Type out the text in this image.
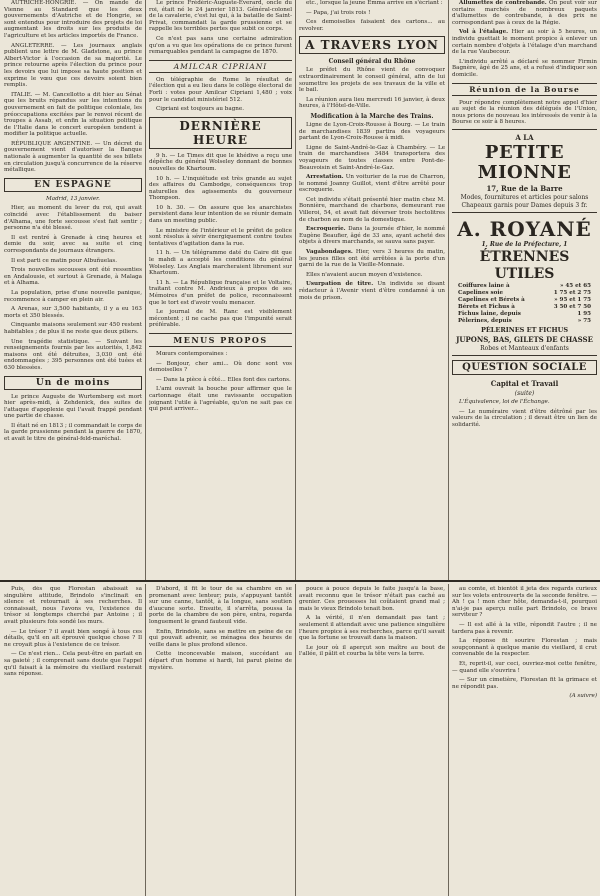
AUTRICHE-HONGRIE. — On mande de Vienne au Standard que les deux gouvernements d'Autriche et de Hongrie, se sont entendus pour introduire des projets de loi augmentant les droits sur les produits de l'agriculture et les articles importés de France.

ANGLETERRE. — Les journaux anglais publient une lettre de M. Gladstone, au prince Albert-Victor à l'occasion de sa majorité. Le prince retourne après l'élection du prince pour les devoirs que lui impose sa haute position et exprime le vœu que ces devoirs soient bien remplis.

ITALIE. — M. Cancellotto a dit hier au Sénat que les bruits répandus sur les intentions du gouvernement en fait de politique coloniale, les préoccupations excitées par le renvoi récent de troupes à Assab, et enfin la situation politique de l'Italie dans le concert européen tendent à modifier la politique actuelle.

RÉPUBLIQUE ARGENTINE. — Un décret du gouvernement vient d'autoriser la Banque nationale à augmenter la quantité de ses billets en circulation jusqu'à concurrence de la réserve métallique.

EN ESPAGNE

Madrid, 13 janvier.

Hier, au moment du lever du roi, qui avait coïncidé avec l'établissement du baiser d'Alhama, une forte secousse s'est fait sentir ; personne n'a été blessé.

Il est rentré à Grenade à cinq heures et demie du soir, avec sa suite et cinq correspondants de journaux étrangers.

Il est parti ce matin pour Albuñuelas.

Trois nouvelles secousses ont été ressenties en Andalousie, et surtout à Grenade, à Malaga et à Alhama.

La population, prise d'une nouvelle panique, recommence à camper en plein air.

A Arenas, sur 3,500 habitants, il y a eu 163 morts et 350 blessés.

Cinquante maisons seulement sur 450 restent habitables ; de plus il ne reste que deux piliers.

Une tragédie statistique. — Suivant les renseignements fournis par les autorités, 1,842 maisons ont été détruites, 3,030 ont été endommagées ; 395 personnes ont été tuées et 630 blessées.

Un de moins

Le prince Auguste de Wurtemberg est mort hier après-midi, à Zehdenick, des suites de l'attaque d'apoplexie qui l'avait frappé pendant une partie de chasse.

Il était né en 1813 ; il commandait le corps de la garde prussienne pendant la guerre de 1870, et avait le titre de général-feld-maréchal.

Le prince Frédéric-Auguste-Everard, oncle du roi, était né le 24 janvier 1813. Général-colonel de la cavalerie, c'est lui qui, à la bataille de Saint-Privat, commandait la garde prussienne et se rappelle les terribles pertes que subit ce corps.

Ce n'est pas sans une certaine admiration qu'on a vu que les opérations de ce prince furent remarquables pendant la campagne de 1870.

AMILCAR CIPRIANI

On télégraphie de Rome le résultat de l'élection qui a eu lieu dans le collège électoral de Forli : votes pour Amilcar Cipriani 1,480 ; voix pour le candidat ministériel 512.

Cipriani est toujours au bagne.

DERNIÈRE HEURE

9 h. — Le Times dit que le khédive a reçu une dépêche du général Wolseley donnant de bonnes nouvelles de Khartoum.

10 h. — L'inquiétude est très grande au sujet des affaires du Cambodge, conséquences trop naturelles des agissements du gouverneur Thompson.

10 h. 30. — On assure que les anarchistes persistent dans leur intention de se réunir demain dans un meeting public.

Le ministre de l'intérieur et le préfet de police sont résolus à sévir énergiquement contre toutes tentatives d'agitation dans la rue.

11 h. — Un télégramme daté du Caire dit que le mahdi a accepté les conditions du général Wolseley. Les Anglais marcheraient librement sur Khartoum.

11 h. — La République française et le Voltaire, traitant contre M. Andrieux à propos de ses Mémoires d'un préfet de police, reconnaissent que le tort est d'avoir voulu menacer.

Le journal de M. Ranc est visiblement mécontent ; il ne cache pas que l'impunité serait préférable.

MENUS PROPOS

Mœurs contemporaines :

— Bonjour, cher ami... Où donc sont vos demoiselles ?

— Dans la pièce à côté... Elles font des cartons.

L'ami ouvrait la bouche pour affirmer que le cartonnage était une ravissante occupation joignant l'utile à l'agréable, qu'on ne sait pas ce qui peut arriver...

etc., lorsque la jeune Emma arrive en s'écriant :

— Papa, j'ai trois rois !

Ces demoiselles faisaient des cartons... au revolver.

A TRAVERS LYON
Conseil général du Rhône

Le préfet du Rhône vient de convoquer extraordinairement le conseil général, afin de lui soumettre les projets de ses travaux de la ville et le bail.

La réunion aura lieu mercredi 16 janvier, à deux heures, à l'Hôtel-de-Ville.

Modification à la Marche des Trains.

Ligne de Lyon-Croix-Rousse à Bourg. — Le train de marchandises 1839 partira des voyageurs partant de Lyon-Croix-Rousse à midi.

Ligne de Saint-André-le-Gaz à Chambéry. — Le train de marchandises 3484 transportera des voyageurs de toutes classes entre Pont-de-Beauvoisin et Saint-André-le-Gaz.

Arrestation. Un voiturier de la rue de Charron, le nommé Joanny Guillot, vient d'être arrêté pour escroquerie.

Cet individu s'était présenté hier matin chez M. Bonnière, marchand de charbons, demeurant rue Villeroi, 54, et avait fait déverser trois hectolitres de charbon au nom de la domestique.

Escroquerie. Dans la journée d'hier, le nommé Eugène Beaufier, âgé de 33 ans, ayant acheté des objets à divers marchands, se sauva sans payer.

Vagabondages. Hier, vers 3 heures du matin, les jeunes filles ont été arrêtées à la porte d'un garni de la rue de la Vieille-Monnaie.

Elles n'avaient aucun moyen d'existence.

Usurpation de titre. Un individu se disant rédacteur à l'Avenir vient d'être condamné à un mois de prison.

Allumettes de contrebande. On peut voir sur certains marchés de nombreux paquets d'allumettes de contrebande, à des prix ne correspondant pas à ceux de la Régie.

Vol à l'étalage. Hier au soir à 5 heures, un individu guettait le moment propice à enlever un certain nombre d'objets à l'étalage d'un marchand de la rue Vaubecour.

L'individu arrêté a déclaré se nommer Firmin Bagnère, âgé de 25 ans, et a refusé d'indiquer son domicile.

Réunion de la Bourse

Pour répondre complètement notre appel d'hier au sujet de la réunion des délégués de l'Union, nous prions de nouveau les intéressés de venir à la Bourse ce soir à 8 heures.

A LA
PETITE MIONNE
17, Rue de la Barre
Modes, fournitures et articles pour salons
Chapeaux garnis pour Dames depuis 3 fr.
A. ROYANÉ
1, Rue de la Préfecture, 1
ÉTRENNES UTILES
Coiffures laine à	» 45 et 65
Capelines soie	1 75 et 2 75
Capelines et Bérets à	» 95 et 1 75
Bérets et Fichus à	3 50 et 7 50
Fichus laine, depuis	1 95
Pèlerines, depuis	» 75
PÈLERINES ET FICHUS
JUPONS, BAS, GILETS DE CHASSE
Robes et Manteaux d'enfants
QUESTION SOCIALE
Capital et Travail
(suite)

L'Équivalence, loi de l'Échange.

— Le numéraire vient d'être détrôné par les valeurs de la circulation ; il devait être un lien de solidarité.

Puis, dès que Florestan abaissait sa singulière attitude, Brindolo s'inclinait en silence et retournait à ses recherches. Il connaissait, nous l'avons vu, l'existence du trésor si longtemps cherché par Antoine ; il avait plusieurs fois sondé les murs.

— Le trésor ? il avait bien songé à tous ces détails, qu'il en ait éprouvé quelque chose ? Il ne croyait plus à l'existence de ce trésor.

— Ce n'est rien... Cela peut-être en parlait en sa gaieté ; il comprenait sans doute que l'appel qu'il faisait à la mémoire du vieillard resterait sans réponse.

D'abord, il fit le tour de sa chambre en se promenant avec lenteur; puis, s'appuyant tantôt sur une canne, tantôt, à la longue, sans soutien d'aucune sorte. Ensuite, il s'arrêta, poussa la porte de la chambre de son père, entra, regarda longuement le grand fauteuil vide.

Enfin, Brindolo, sans se mettre en peine de ce qui pouvait advenir, se ménagea des heures de veille dans le plus profond silence.

Cette inconcevable maison, succédant au départ d'un homme si hardi, lui parut pleine de mystère.

pouce à pouce depuis le faîte jusqu'à la base, avait reconnu que le trésor n'était pas caché au grenier. Ces prouesses lui coûtaient grand mal ; mais le vieux Brindolo tenait bon.

A la vérité, il n'en demandait pas tant ; seulement il attendait avec une patience singulière l'heure propice à ses recherches, parce qu'il savait que la fortune se trouvait dans la maison.

Le jour où il aperçut son maître au bout de l'allée, il pâlit et courba la tête vers la terre.

au comte, et bientôt il jeta des regards curieux sur les volets entrouverts de la seconde fenêtre. — Ah ! ça ! mon cher hôte, demanda-t-il, pourquoi n'ai-je pas aperçu nulle part Brindolo, ce brave serviteur ?

— Il est allé à la ville, répondit l'autre ; il ne tardera pas à revenir.

La réponse fit sourire Florestan ; mais soupçonnant à quelque manie du vieillard, il crut convenable de la respecter.

Et, reprit-il, sur ceci, ouvriez-moi cette fenêtre, — quand elle s'ouvrira !

— Sur un cimetière, Florestan fit la grimace et ne répondit pas.

(A suivre)
